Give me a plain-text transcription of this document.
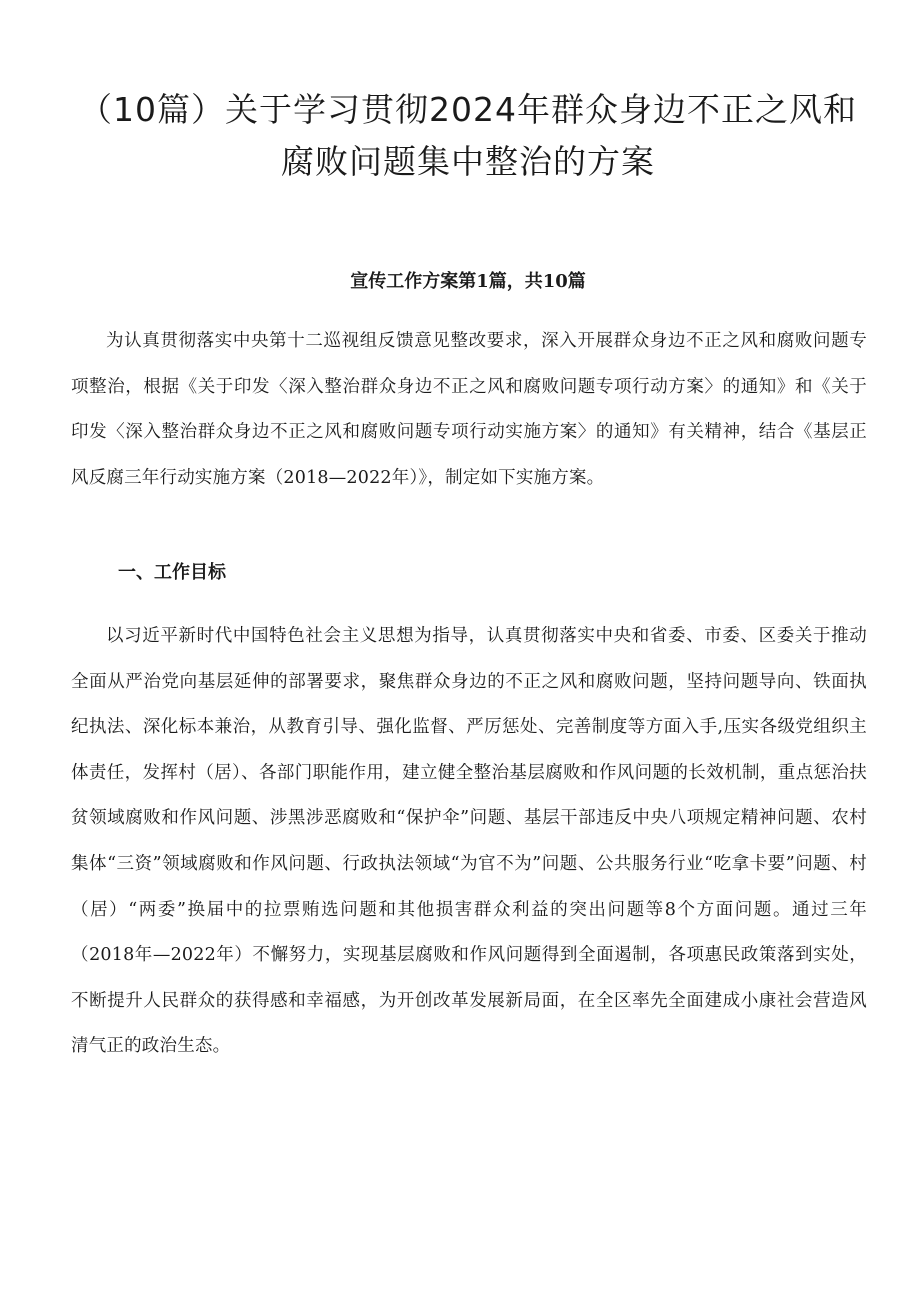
（10篇）关于学习贯彻2024年群众身边不正之风和
腐败问题集中整治的方案

宣传工作方案第1篇，共10篇

为认真贯彻落实中央第十二巡视组反馈意见整改要求，深入开展群众身边不正之风和腐败问题专项整治，根据《关于印发〈深入整治群众身边不正之风和腐败问题专项行动方案〉的通知》和《关于印发〈深入整治群众身边不正之风和腐败问题专项行动实施方案〉的通知》有关精神，结合《基层正风反腐三年行动实施方案（2018—2022年）》，制定如下实施方案。

一、工作目标

以习近平新时代中国特色社会主义思想为指导，认真贯彻落实中央和省委、市委、区委关于推动全面从严治党向基层延伸的部署要求，聚焦群众身边的不正之风和腐败问题，坚持问题导向、铁面执纪执法、深化标本兼治，从教育引导、强化监督、严厉惩处、完善制度等方面入手,压实各级党组织主体责任，发挥村（居）、各部门职能作用，建立健全整治基层腐败和作风问题的长效机制，重点惩治扶贫领域腐败和作风问题、涉黑涉恶腐败和“保护伞”问题、基层干部违反中央八项规定精神问题、农村集体“三资”领域腐败和作风问题、行政执法领域“为官不为”问题、公共服务行业“吃拿卡要”问题、村（居）“两委”换届中的拉票贿选问题和其他损害群众利益的突出问题等8个方面问题。通过三年（2018年—2022年）不懈努力，实现基层腐败和作风问题得到全面遏制，各项惠民政策落到实处，不断提升人民群众的获得感和幸福感，为开创改革发展新局面，在全区率先全面建成小康社会营造风清气正的政治生态。
